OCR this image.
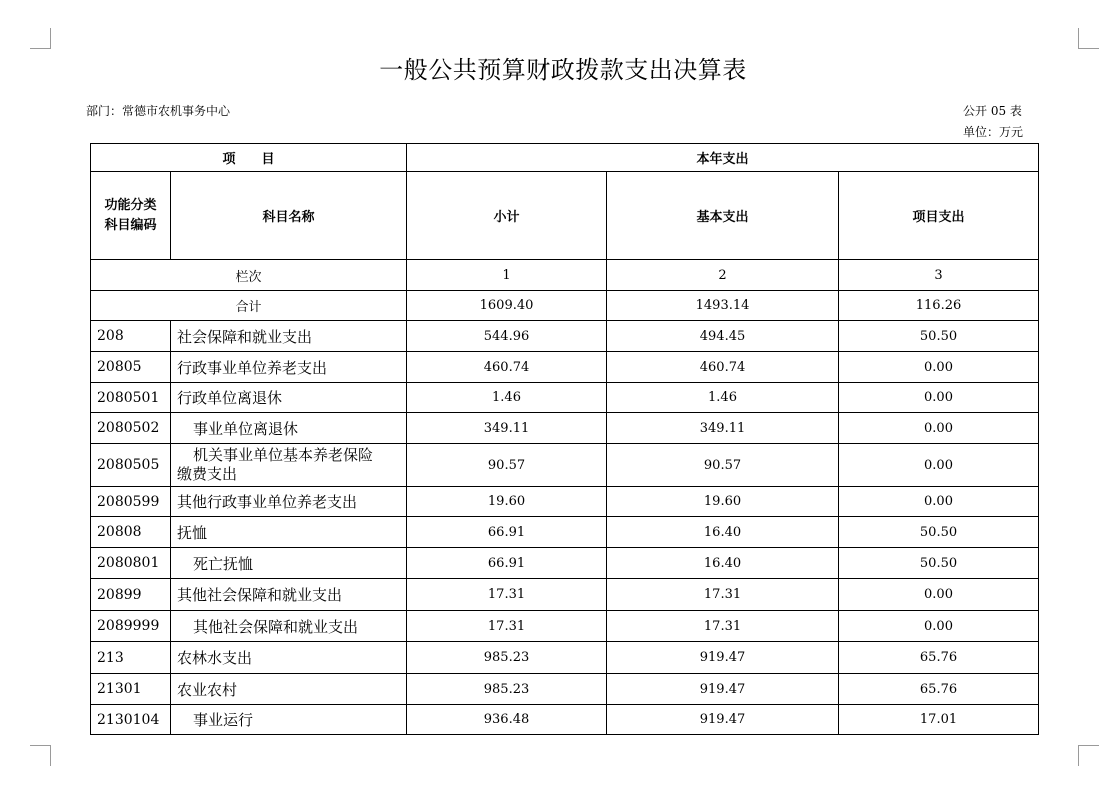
一般公共预算财政拨款支出决算表
部门：常德市农机事务中心	公开 05 表
单位：万元
项　　目		本年支出		

功能分类科目编码	科目名称	小计	基本支出	项目支出
栏次		1	2	3
合计		1609.40	1493.14	116.26
208	社会保障和就业支出	544.96	494.45	50.50
20805	行政事业单位养老支出	460.74	460.74	0.00
2080501	行政单位离退休	1.46	1.46	0.00
2080502	事业单位离退休	349.11	349.11	0.00
2080505	机关事业单位基本养老保险
缴费支出	90.57	90.57	0.00
2080599	其他行政事业单位养老支出	19.60	19.60	0.00
20808	抚恤	66.91	16.40	50.50
2080801	死亡抚恤	66.91	16.40	50.50
20899	其他社会保障和就业支出	17.31	17.31	0.00
2089999	其他社会保障和就业支出	17.31	17.31	0.00
213	农林水支出	985.23	919.47	65.76
21301	农业农村	985.23	919.47	65.76
2130104	事业运行	936.48	919.47	17.01
